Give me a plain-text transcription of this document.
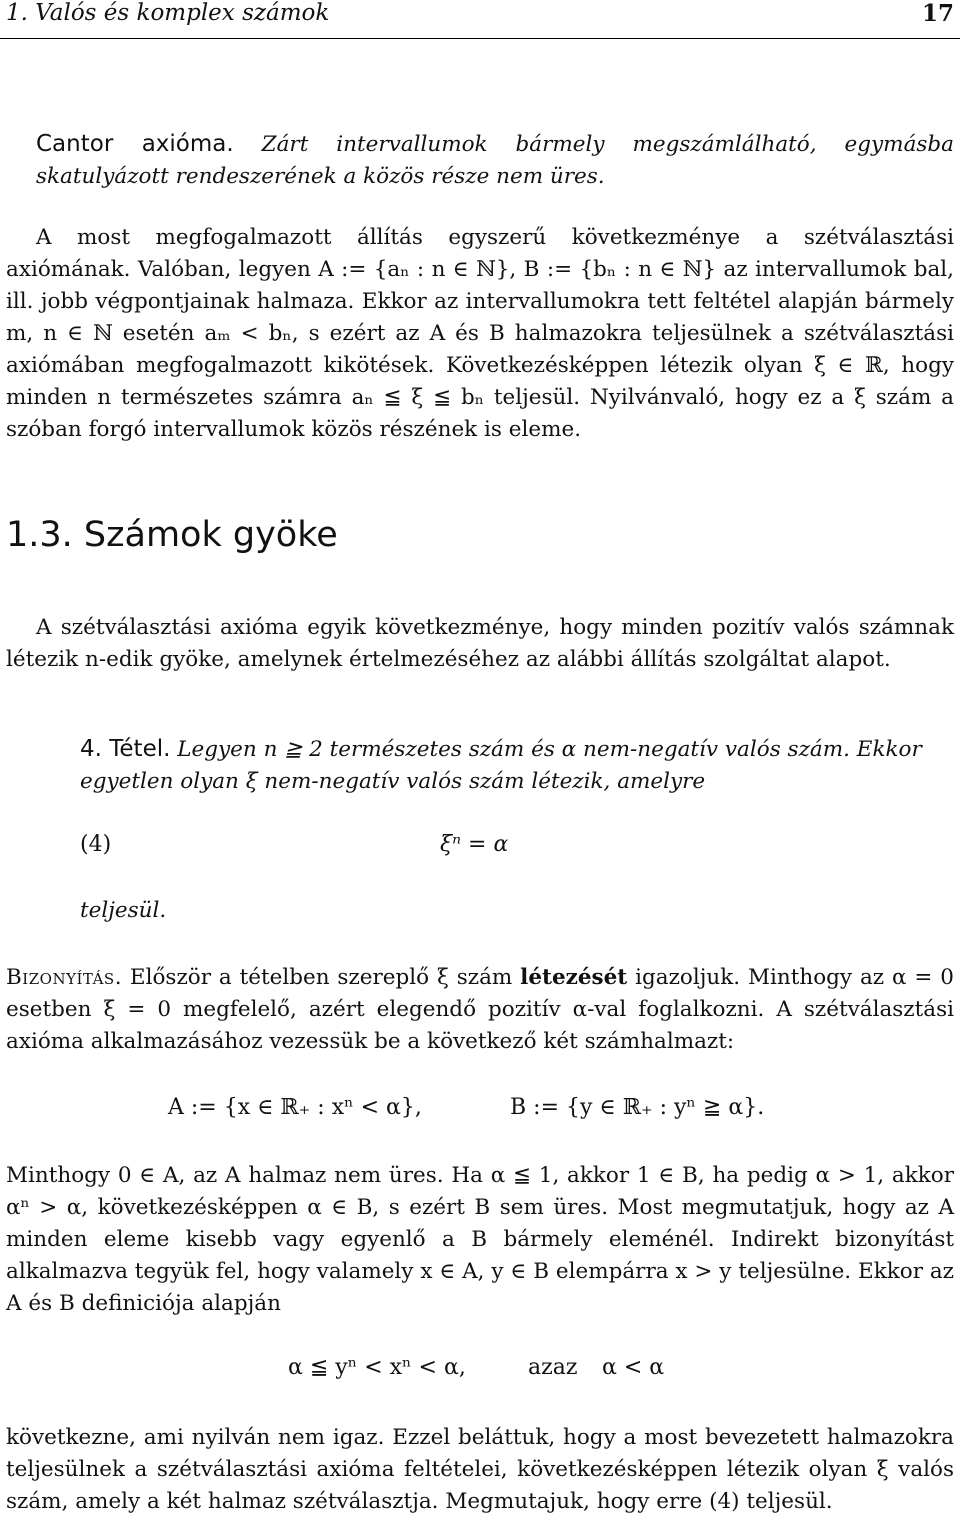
1. Valós és komplex számok	17
Cantor axióma. Zárt intervallumok bármely megszámlálható, egymásba skatulyázott rendeszerének a közös része nem üres.
A most megfogalmazott állítás egyszerű következménye a szétválasztási axiómának. Valóban, legyen A := {aₙ : n ∈ ℕ}, B := {bₙ : n ∈ ℕ} az intervallumok bal, ill. jobb végpontjainak halmaza. Ekkor az intervallumokra tett feltétel alapján bármely m, n ∈ ℕ esetén aₘ < bₙ, s ezért az A és B halmazokra teljesülnek a szétválasztási axiómában megfogalmazott kikötések. Következésképpen létezik olyan ξ ∈ ℝ, hogy minden n természetes számra aₙ ≦ ξ ≦ bₙ teljesül. Nyilvánvaló, hogy ez a ξ szám a szóban forgó intervallumok közös részének is eleme.
1.3. Számok gyöke
A szétválasztási axióma egyik következménye, hogy minden pozitív valós számnak létezik n-edik gyöke, amelynek értelmezéséhez az alábbi állítás szolgáltat alapot.
4. Tétel. Legyen n ≧ 2 természetes szám és α nem-negatív valós szám. Ekkor egyetlen olyan ξ nem-negatív valós szám létezik, amelyre
(4)	ξⁿ = α
teljesül.
Bizonyítás. Először a tételben szereplő ξ szám létezését igazoljuk. Minthogy az α = 0 esetben ξ = 0 megfelelő, azért elegendő pozitív α-val foglalkozni. A szétválasztási axióma alkalmazásához vezessük be a következő két számhalmazt:
A := {x ∈ ℝ₊ : xⁿ < α},	B := {y ∈ ℝ₊ : yⁿ ≧ α}.
Minthogy 0 ∈ A, az A halmaz nem üres. Ha α ≦ 1, akkor 1 ∈ B, ha pedig α > 1, akkor αⁿ > α, következésképpen α ∈ B, s ezért B sem üres. Most megmutatjuk, hogy az A minden eleme kisebb vagy egyenlő a B bármely eleménél. Indirekt bizonyítást alkalmazva tegyük fel, hogy valamely x ∈ A, y ∈ B elempárra x > y teljesülne. Ekkor az A és B definiciója alapján
α ≦ yⁿ < xⁿ < α,	azaz α < α
következne, ami nyilván nem igaz. Ezzel beláttuk, hogy a most bevezetett halmazokra teljesülnek a szétválasztási axióma feltételei, következésképpen létezik olyan ξ valós szám, amely a két halmaz szétválasztja. Megmutajuk, hogy erre (4) teljesül.
